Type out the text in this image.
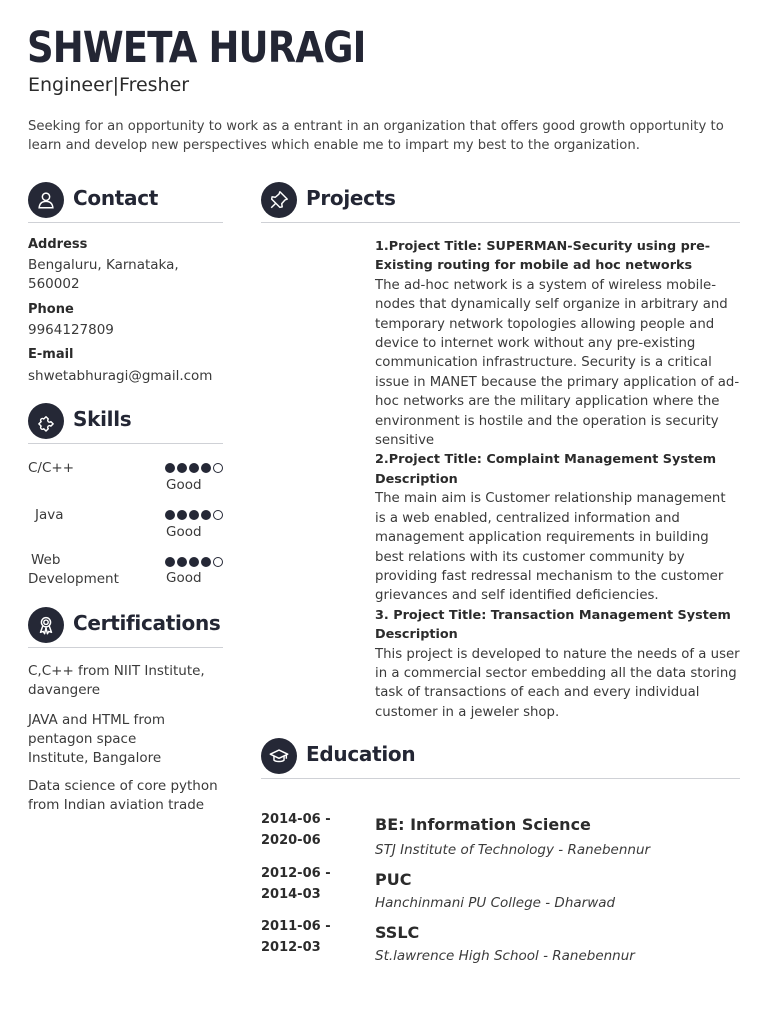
SHWETA HURAGI
Engineer|Fresher
Seeking for an opportunity to work as a entrant in an organization that offers good growth opportunity to learn and develop new perspectives which enable me to impart my best to the organization.
Contact
Address
Bengaluru, Karnataka, 560002
Phone
9964127809
E-mail
shwetabhuragi@gmail.com
Skills
C/C++
Good
Java
Good
Web Development	Good
Certifications
C,C++ from NIIT Institute, davangere
JAVA and HTML from pentagon space Institute, Bangalore
Data science of core python from Indian aviation trade
Projects
1.Project Title: SUPERMAN-Security using pre-Existing routing for mobile ad hoc networks

The ad-hoc network is a system of wireless mobile-nodes that dynamically self organize in arbitrary and temporary network topologies allowing people and device to internet work without any pre-existing communication infrastructure. Security is a critical issue in MANET because the primary application of ad-hoc networks are the military application where the environment is hostile and the operation is security sensitive

2.Project Title: Complaint Management System Description

The main aim is Customer relationship management is a web enabled, centralized information and management application requirements in building best relations with its customer community by providing fast redressal mechanism to the customer grievances and self identified deficiencies.

3. Project Title: Transaction Management System Description

This project is developed to nature the needs of a user in a commercial sector embedding all the data storing task of transactions of each and every individual customer in a jeweler shop.

Education
2014-06 - 2020-06
BE: Information Science
STJ Institute of Technology - Ranebennur
2012-06 - 2014-03
PUC
Hanchinmani PU College - Dharwad
2011-06 - 2012-03
SSLC
St.lawrence High School - Ranebennur
